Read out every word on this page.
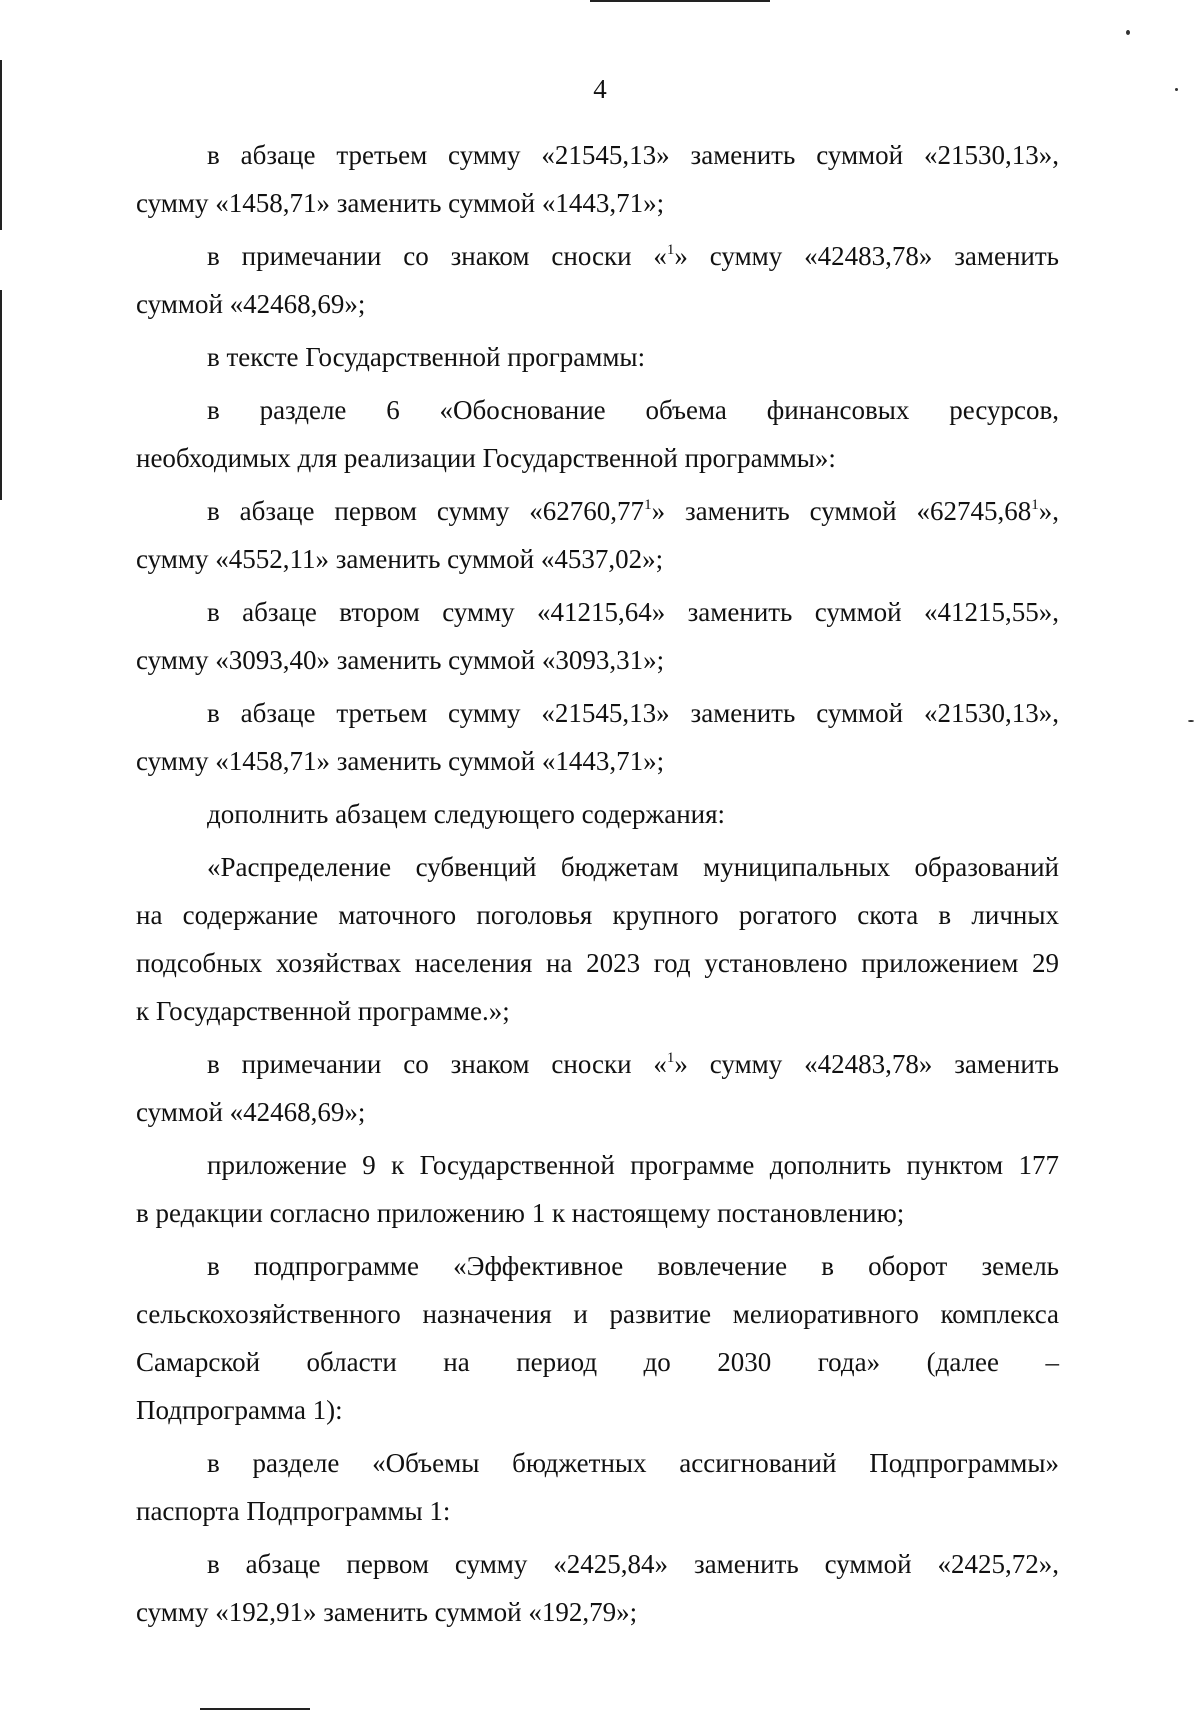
4

в абзаце третьем сумму «21545,13» заменить суммой «21530,13»,
сумму «1458,71» заменить суммой «1443,71»;

в примечании со знаком сноски «$^1$» сумму «42483,78» заменить
суммой «42468,69»;

в тексте Государственной программы:

в разделе 6 «Обоснование объема финансовых ресурсов,
необходимых для реализации Государственной программы»:

в абзаце первом сумму «62760,77$^1$» заменить суммой «62745,68$^1$»,
сумму «4552,11» заменить суммой «4537,02»;

в абзаце втором сумму «41215,64» заменить суммой «41215,55»,
сумму «3093,40» заменить суммой «3093,31»;

в абзаце третьем сумму «21545,13» заменить суммой «21530,13»,
сумму «1458,71» заменить суммой «1443,71»;

дополнить абзацем следующего содержания:

«Распределение субвенций бюджетам муниципальных образований
на содержание маточного поголовья крупного рогатого скота в личных
подсобных хозяйствах населения на 2023 год установлено приложением 29
к Государственной программе.»;

в примечании со знаком сноски «$^1$» сумму «42483,78» заменить
суммой «42468,69»;

приложение 9 к Государственной программе дополнить пунктом 177
в редакции согласно приложению 1 к настоящему постановлению;

в подпрограмме «Эффективное вовлечение в оборот земель
сельскохозяйственного назначения и развитие мелиоративного комплекса
Самарской области на период до 2030 года» (далее –
Подпрограмма 1):

в разделе «Объемы бюджетных ассигнований Подпрограммы»
паспорта Подпрограммы 1:

в абзаце первом сумму «2425,84» заменить суммой «2425,72»,
сумму «192,91» заменить суммой «192,79»;
